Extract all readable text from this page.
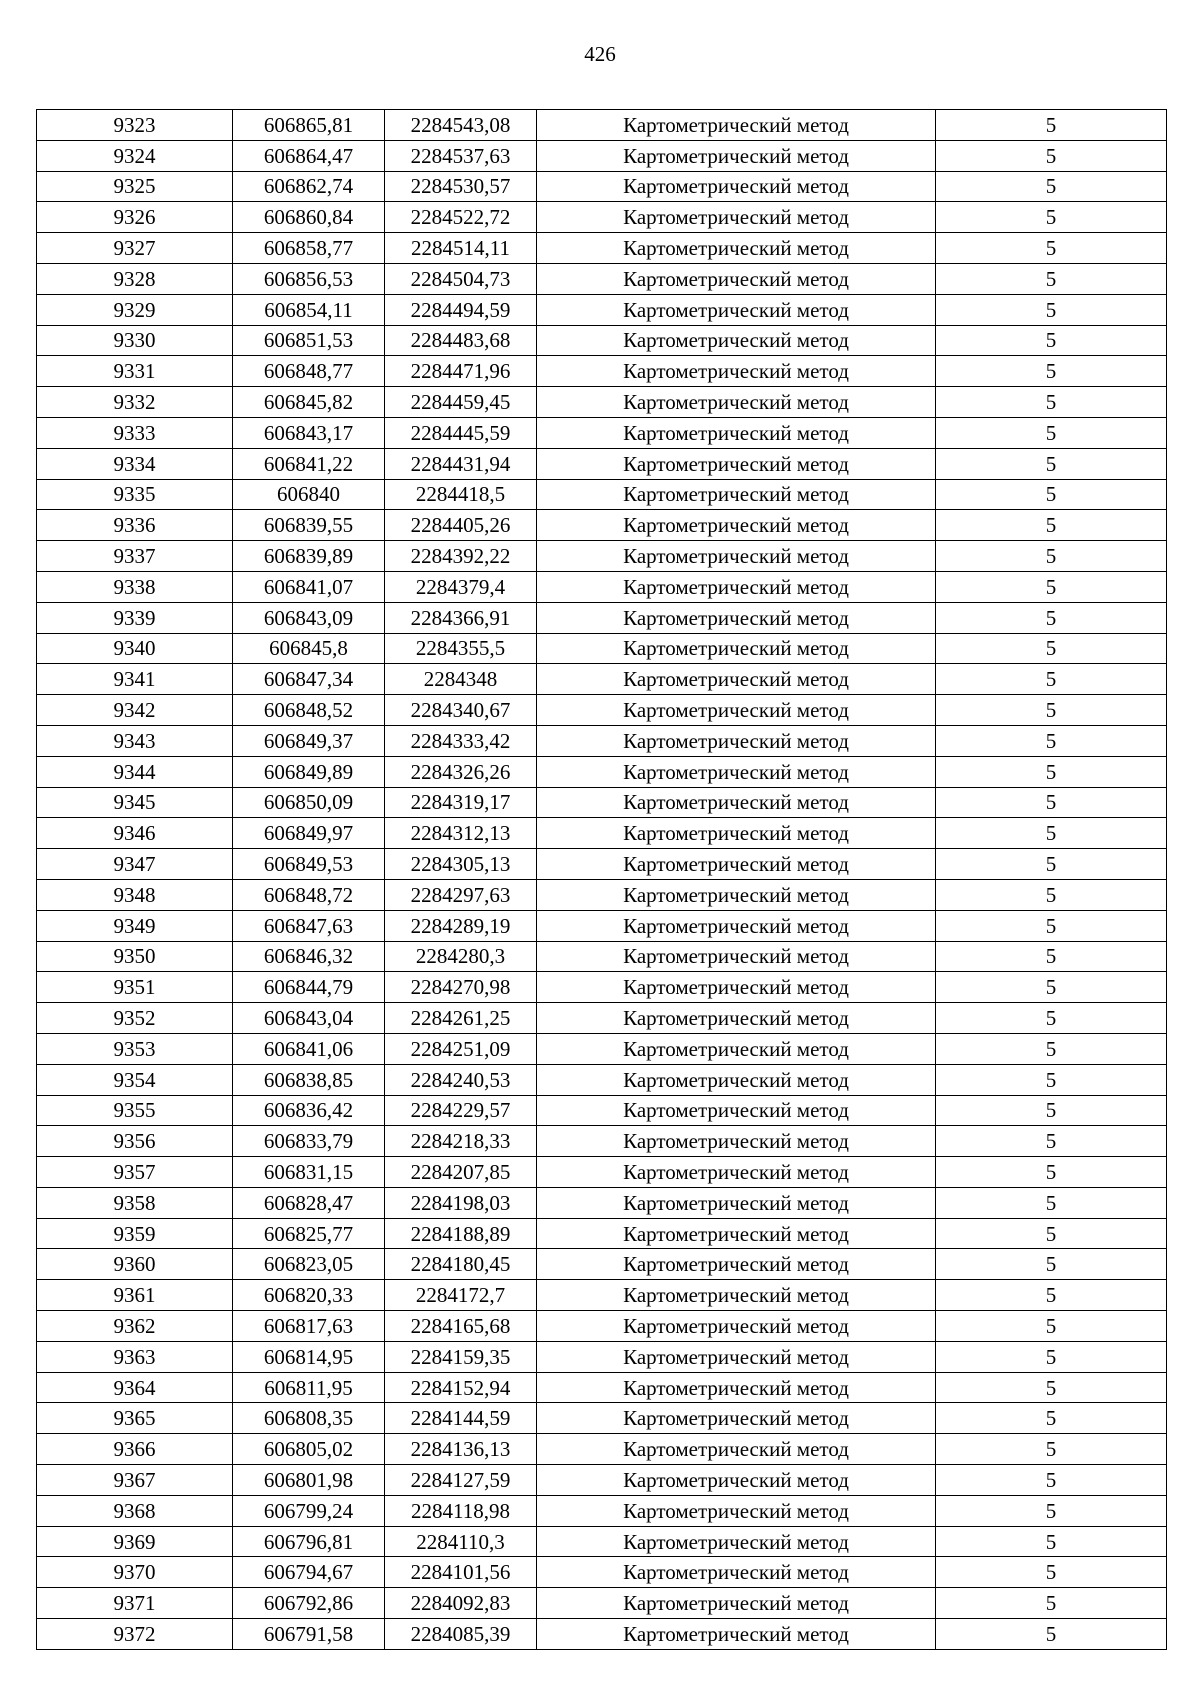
426
9323	606865,81	2284543,08	Картометрический метод	5
9324	606864,47	2284537,63	Картометрический метод	5
9325	606862,74	2284530,57	Картометрический метод	5
9326	606860,84	2284522,72	Картометрический метод	5
9327	606858,77	2284514,11	Картометрический метод	5
9328	606856,53	2284504,73	Картометрический метод	5
9329	606854,11	2284494,59	Картометрический метод	5
9330	606851,53	2284483,68	Картометрический метод	5
9331	606848,77	2284471,96	Картометрический метод	5
9332	606845,82	2284459,45	Картометрический метод	5
9333	606843,17	2284445,59	Картометрический метод	5
9334	606841,22	2284431,94	Картометрический метод	5
9335	606840	2284418,5	Картометрический метод	5
9336	606839,55	2284405,26	Картометрический метод	5
9337	606839,89	2284392,22	Картометрический метод	5
9338	606841,07	2284379,4	Картометрический метод	5
9339	606843,09	2284366,91	Картометрический метод	5
9340	606845,8	2284355,5	Картометрический метод	5
9341	606847,34	2284348	Картометрический метод	5
9342	606848,52	2284340,67	Картометрический метод	5
9343	606849,37	2284333,42	Картометрический метод	5
9344	606849,89	2284326,26	Картометрический метод	5
9345	606850,09	2284319,17	Картометрический метод	5
9346	606849,97	2284312,13	Картометрический метод	5
9347	606849,53	2284305,13	Картометрический метод	5
9348	606848,72	2284297,63	Картометрический метод	5
9349	606847,63	2284289,19	Картометрический метод	5
9350	606846,32	2284280,3	Картометрический метод	5
9351	606844,79	2284270,98	Картометрический метод	5
9352	606843,04	2284261,25	Картометрический метод	5
9353	606841,06	2284251,09	Картометрический метод	5
9354	606838,85	2284240,53	Картометрический метод	5
9355	606836,42	2284229,57	Картометрический метод	5
9356	606833,79	2284218,33	Картометрический метод	5
9357	606831,15	2284207,85	Картометрический метод	5
9358	606828,47	2284198,03	Картометрический метод	5
9359	606825,77	2284188,89	Картометрический метод	5
9360	606823,05	2284180,45	Картометрический метод	5
9361	606820,33	2284172,7	Картометрический метод	5
9362	606817,63	2284165,68	Картометрический метод	5
9363	606814,95	2284159,35	Картометрический метод	5
9364	606811,95	2284152,94	Картометрический метод	5
9365	606808,35	2284144,59	Картометрический метод	5
9366	606805,02	2284136,13	Картометрический метод	5
9367	606801,98	2284127,59	Картометрический метод	5
9368	606799,24	2284118,98	Картометрический метод	5
9369	606796,81	2284110,3	Картометрический метод	5
9370	606794,67	2284101,56	Картометрический метод	5
9371	606792,86	2284092,83	Картометрический метод	5
9372	606791,58	2284085,39	Картометрический метод	5
